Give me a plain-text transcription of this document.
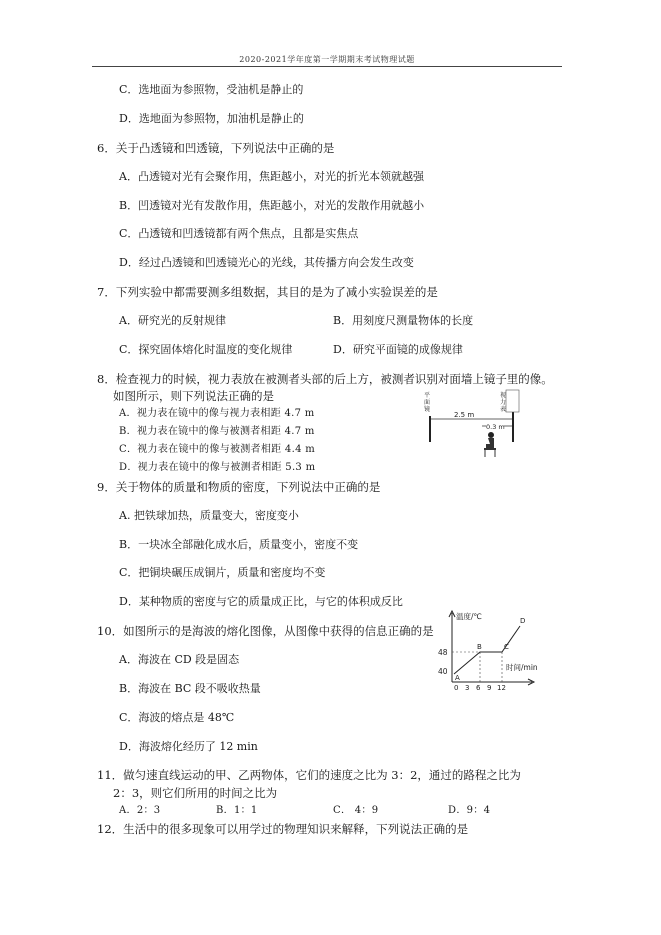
2020-2021学年度第一学期期末考试物理试题
C．选地面为参照物，受油机是静止的
D．选地面为参照物，加油机是静止的
6．关于凸透镜和凹透镜，下列说法中正确的是
A．凸透镜对光有会聚作用，焦距越小，对光的折光本领就越强
B．凹透镜对光有发散作用，焦距越小，对光的发散作用就越小
C．凸透镜和凹透镜都有两个焦点，且都是实焦点
D．经过凸透镜和凹透镜光心的光线，其传播方向会发生改变
7．下列实验中都需要测多组数据，其目的是为了减小实验误差的是
A．研究光的反射规律	B．用刻度尺测量物体的长度
C．探究固体熔化时温度的变化规律	D．研究平面镜的成像规律
8．检查视力的时候，视力表放在被测者头部的后上方，被测者识别对面墙上镜子里的像。
如图所示，则下列说法正确的是
A．视力表在镜中的像与视力表相距 4.7 m
B．视力表在镜中的像与被测者相距 4.7 m
C．视力表在镜中的像与被测者相距 4.4 m
D．视力表在镜中的像与被测者相距 5.3 m
平
面
镜
视
力
表
2.5 m
0.3 m
9．关于物体的质量和物质的密度，下列说法中正确的是
A. 把铁球加热，质量变大，密度变小
B．一块冰全部融化成水后，质量变小，密度不变
C．把铜块碾压成铜片，质量和密度均不变
D．某种物质的密度与它的质量成正比，与它的体积成反比
10．如图所示的是海波的熔化图像，从图像中获得的信息正确的是
A．海波在 CD 段是固态
B．海波在 BC 段不吸收热量
C．海波的熔点是 48℃
D．海波熔化经历了 12 min
温度/℃
时间/min
48
40
0 3 6 9 12
A
B	C
D
11．做匀速直线运动的甲、乙两物体，它们的速度之比为 3：2，通过的路程之比为
2：3，则它们所用的时间之比为
A．2：3	B．1：1	C． 4：9	D．9：4
12．生活中的很多现象可以用学过的物理知识来解释，下列说法正确的是
